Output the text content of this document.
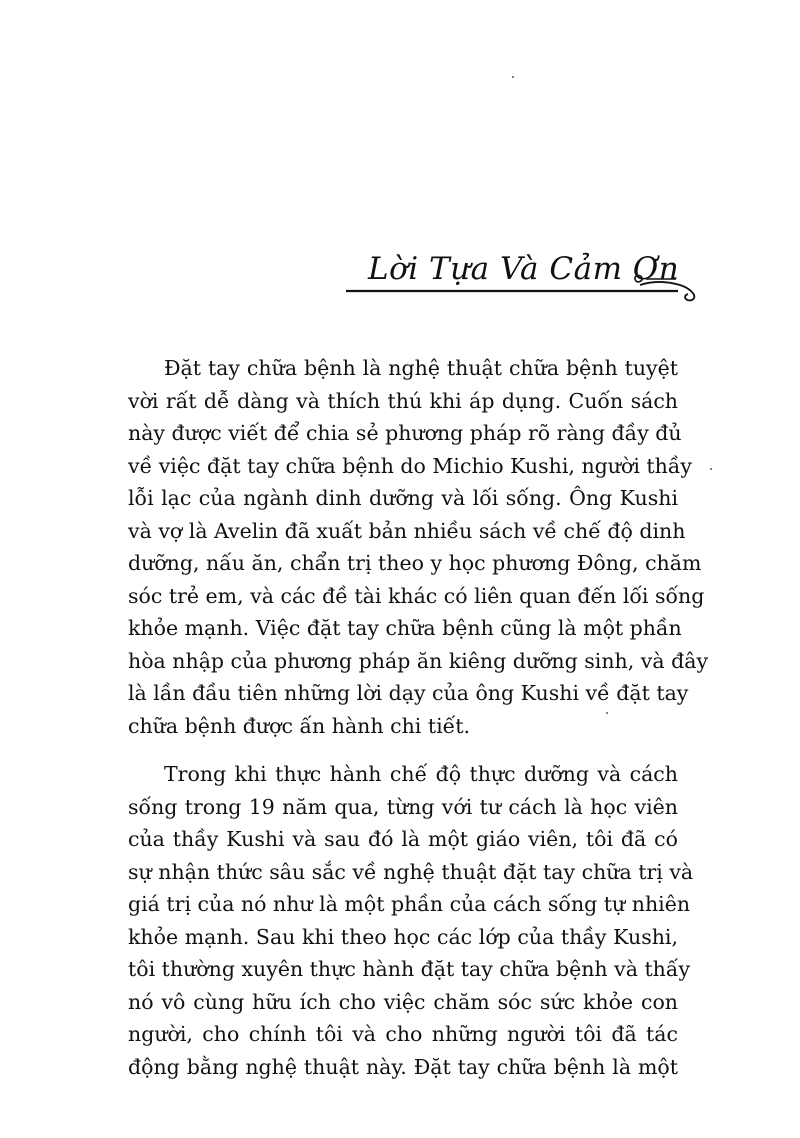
Lời Tựa Và Cảm Ơn
Đặt tay chữa bệnh là nghệ thuật chữa bệnh tuyệt
vời rất dễ dàng và thích thú khi áp dụng. Cuốn sách
này được viết để chia sẻ phương pháp rõ ràng đầy đủ
về việc đặt tay chữa bệnh do Michio Kushi, người thầy
lỗi lạc của ngành dinh dưỡng và lối sống. Ông Kushi
và vợ là Avelin đã xuất bản nhiều sách về chế độ dinh
dưỡng, nấu ăn, chẩn trị theo y học phương Đông, chăm
sóc trẻ em, và các đề tài khác có liên quan đến lối sống
khỏe mạnh. Việc đặt tay chữa bệnh cũng là một phần
hòa nhập của phương pháp ăn kiêng dưỡng sinh, và đây
là lần đầu tiên những lời dạy của ông Kushi về đặt tay
chữa bệnh được ấn hành chi tiết.
Trong khi thực hành chế độ thực dưỡng và cách
sống trong 19 năm qua, từng với tư cách là học viên
của thầy Kushi và sau đó là một giáo viên, tôi đã có
sự nhận thức sâu sắc về nghệ thuật đặt tay chữa trị và
giá trị của nó như là một phần của cách sống tự nhiên
khỏe mạnh. Sau khi theo học các lớp của thầy Kushi,
tôi thường xuyên thực hành đặt tay chữa bệnh và thấy
nó vô cùng hữu ích cho việc chăm sóc sức khỏe con
người, cho chính tôi và cho những người tôi đã tác
động bằng nghệ thuật này. Đặt tay chữa bệnh là một
